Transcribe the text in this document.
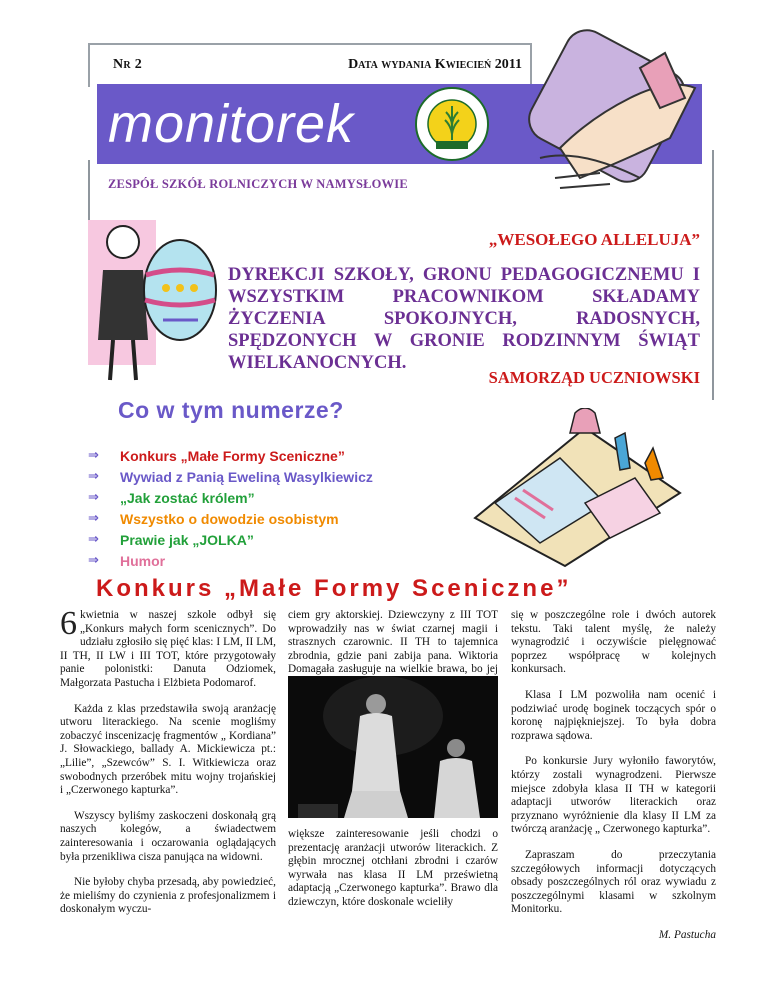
Nr 2	Data wydania Kwiecień 2011
monitorek
ZESPÓŁ SZKÓŁ ROLNICZYCH W NAMYSŁOWIE
„WESOŁEGO ALLELUJA”
DYREKCJI SZKOŁY, GRONU PEDAGOGICZNEMU I WSZYSTKIM PRACOWNIKOM SKŁADAMY ŻYCZENIA SPOKOJNYCH, RADOSNYCH, SPĘDZONYCH W GRONIE RODZINNYM ŚWIĄT WIELKANOCNYCH.
SAMORZĄD UCZNIOWSKI
Co w tym numerze?
⇒ Konkurs „Małe Formy Sceniczne”
⇒ Wywiad z Panią Eweliną Wasylkiewicz
⇒ „Jak zostać królem”
⇒ Wszystko o dowodzie osobistym
⇒ Prawie jak „JOLKA”
⇒ Humor
Konkurs „Małe Formy Sceniczne”

6 kwietnia w naszej szkole odbył się „Konkurs małych form scenicznych”. Do udziału zgłosiło się pięć klas: I LM, II LM, II TH, II LW i III TOT, które przygotowały panie polonistki: Danuta Odziomek, Małgorzata Pastucha i Elżbieta Podomarof.

Każda z klas przedstawiła swoją aranżację utworu literackiego. Na scenie mogliśmy zobaczyć inscenizację fragmentów „ Kordiana” J. Słowackiego, ballady A. Mickiewicza pt.: „Lilie”, „Szewców” S. I. Witkiewicza oraz swobodnych przeróbek mitu wojny trojańskiej i „Czerwonego kapturka”.

Wszyscy byliśmy zaskoczeni doskonałą grą naszych kolegów, a świadectwem zainteresowania i oczarowania oglądających była przenikliwa cisza panująca na widowni.

Nie byłoby chyba przesadą, aby powiedzieć, że mieliśmy do czynienia z profesjonalizmem i doskonałym wyczu-

ciem gry aktorskiej. Dziewczyny z III TOT wprowadziły nas w świat czarnej magii i strasznych czarownic. II TH to tajemnica zbrodnia, gdzie pani zabija pana. Wiktoria Domagała zasługuje na wielkie brawa, bo jej

większe zainteresowanie jeśli chodzi o prezentację aranżacji utworów literackich. Z głębin mrocznej otchłani zbrodni i czarów wyrwała nas klasa II LM prześwietną adaptacją „Czerwonego kapturka”. Brawo dla dziewczyn, które doskonale wcieliły

się w poszczególne role i dwóch autorek tekstu. Taki talent myślę, że należy wynagrodzić i oczywiście pielęgnować poprzez współpracę w kolejnych konkursach.

Klasa I LM pozwoliła nam ocenić i podziwiać urodę boginek toczących spór o koronę najpiękniejszej. To była dobra rozprawa sądowa.

Po konkursie Jury wyłoniło faworytów, którzy zostali wynagrodzeni. Pierwsze miejsce zdobyła klasa II TH w kategorii adaptacji utworów literackich oraz przyznano wyróżnienie dla klasy II LM za twórczą aranżację „ Czerwonego kapturka”.

Zapraszam do przeczytania szczegółowych informacji dotyczących obsady poszczególnych ról oraz wywiadu z poszczególnymi klasami w szkolnym Monitorku.

M. Pastucha
